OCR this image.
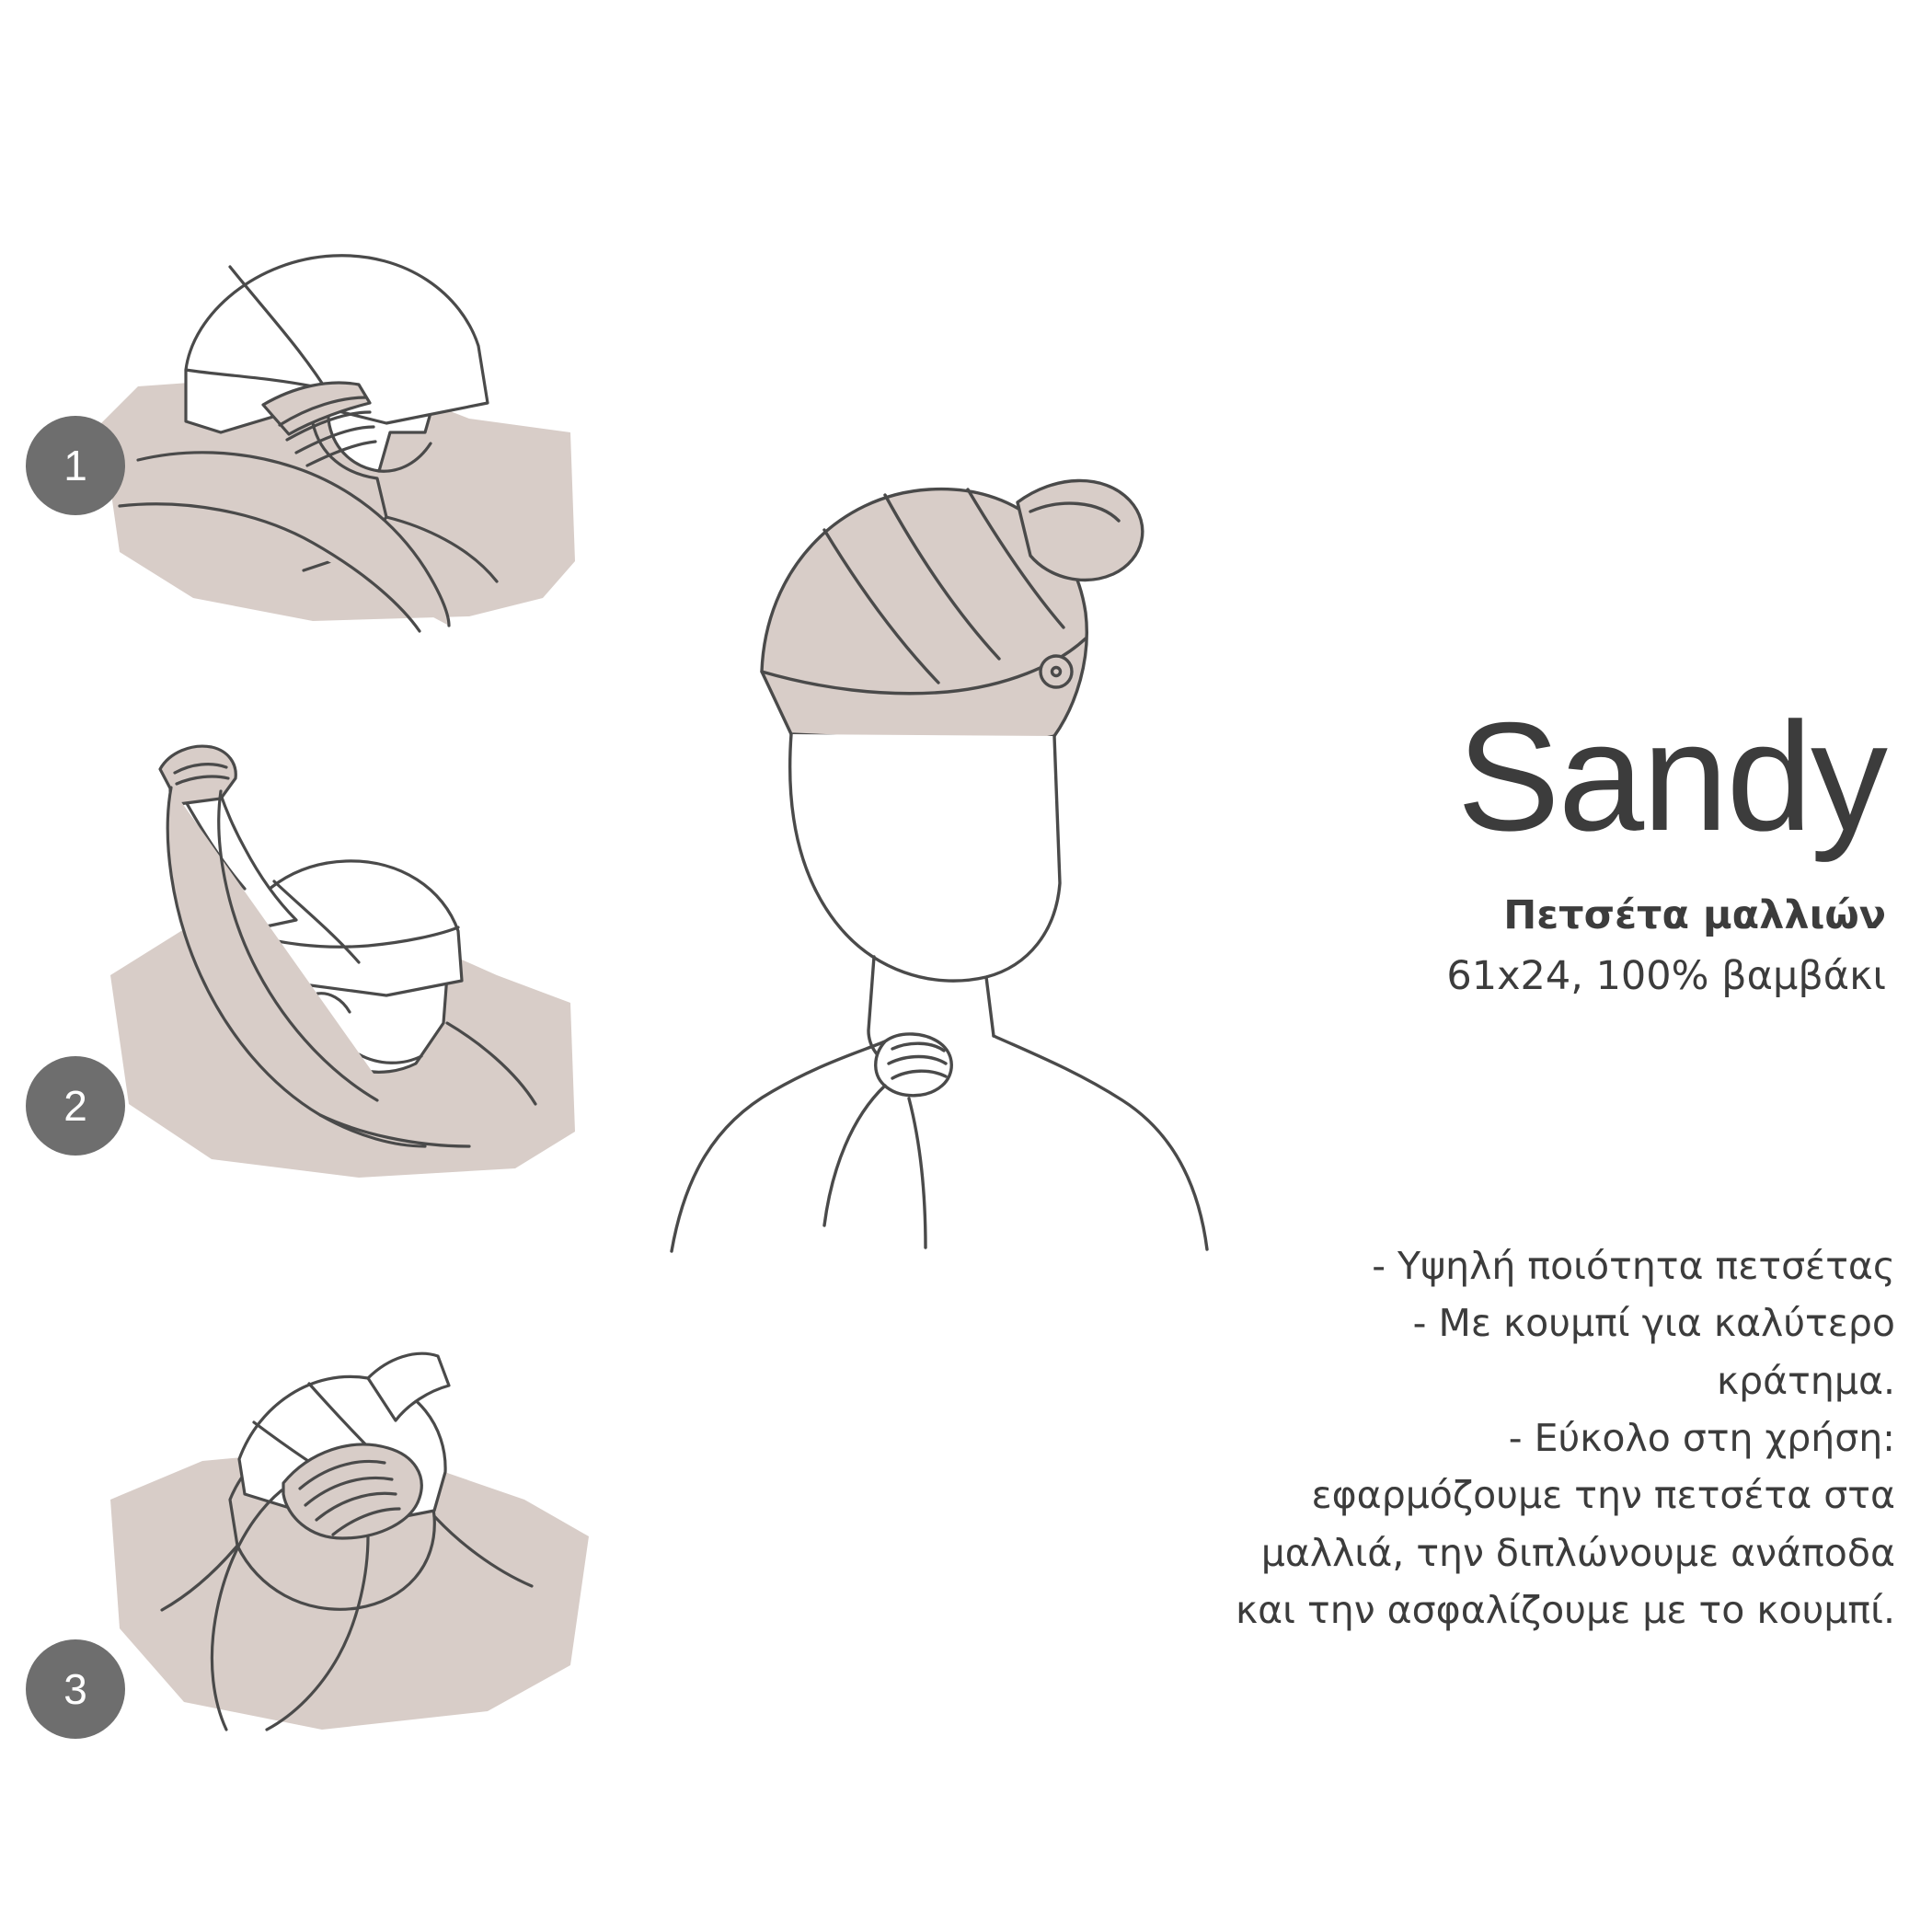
1
2
3
Sandy
Πετσέτα μαλλιών
61x24, 100% βαμβάκι
- Υψηλή ποιότητα πετσέτας
- Με κουμπί για καλύτερο
κράτημα.
- Εύκολο στη χρήση:
εφαρμόζουμε την πετσέτα στα
μαλλιά, την διπλώνουμε ανάποδα
και την ασφαλίζουμε με το κουμπί.
